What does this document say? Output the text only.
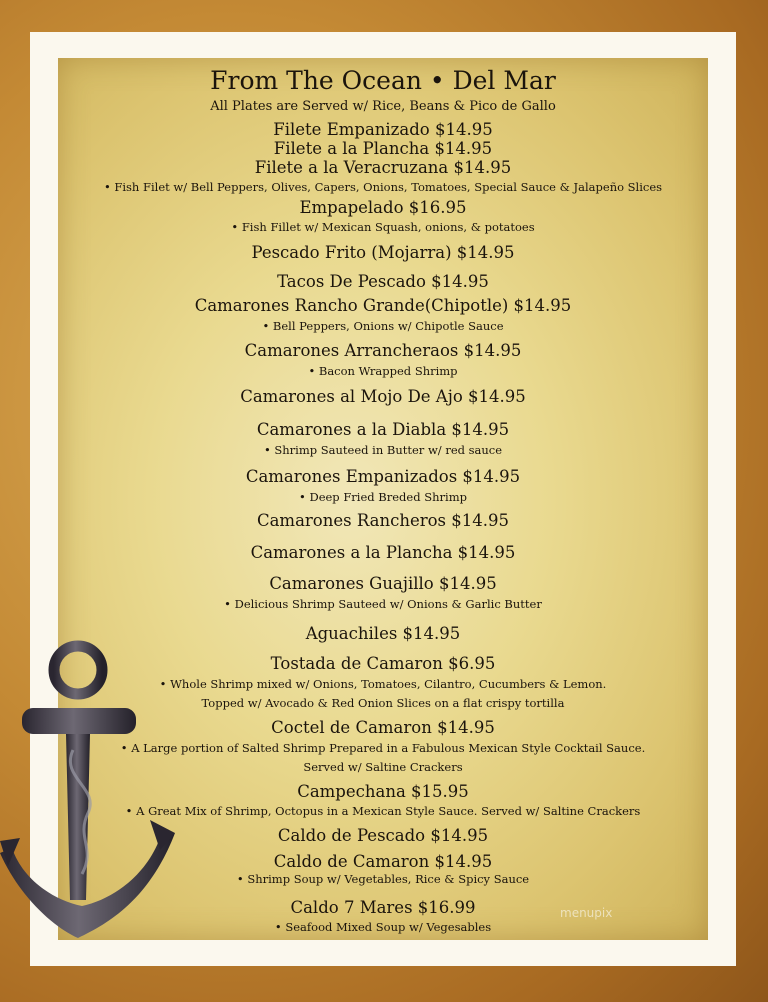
From The Ocean • Del Mar
All Plates are Served w/ Rice, Beans & Pico de Gallo
Filete Empanizado $14.95
Filete a la Plancha $14.95
Filete a la Veracruzana $14.95
• Fish Filet w/ Bell Peppers, Olives, Capers, Onions, Tomatoes, Special Sauce & Jalapeño Slices
Empapelado $16.95
• Fish Fillet w/ Mexican Squash, onions, & potatoes
Pescado Frito (Mojarra) $14.95
Tacos De Pescado $14.95
Camarones Rancho Grande(Chipotle) $14.95
• Bell Peppers, Onions w/ Chipotle Sauce
Camarones Arrancheraos $14.95
• Bacon Wrapped Shrimp
Camarones al Mojo De Ajo $14.95
Camarones a la Diabla $14.95
• Shrimp Sauteed in Butter w/ red sauce
Camarones Empanizados $14.95
• Deep Fried Breded Shrimp
Camarones Rancheros $14.95
Camarones a la Plancha $14.95
Camarones Guajillo $14.95
• Delicious Shrimp Sauteed w/ Onions & Garlic Butter
Aguachiles $14.95
Tostada de Camaron $6.95
• Whole Shrimp mixed w/ Onions, Tomatoes, Cilantro, Cucumbers & Lemon.
Topped w/ Avocado & Red Onion Slices on a flat crispy tortilla
Coctel de Camaron $14.95
• A Large portion of Salted Shrimp Prepared in a Fabulous Mexican Style Cocktail Sauce.
Served w/ Saltine Crackers
Campechana $15.95
• A Great Mix of Shrimp, Octopus in a Mexican Style Sauce. Served w/ Saltine Crackers
Caldo de Pescado $14.95
Caldo de Camaron $14.95
• Shrimp Soup w/ Vegetables, Rice & Spicy Sauce
Caldo 7 Mares $16.99
• Seafood Mixed Soup w/ Vegesables
menupix
